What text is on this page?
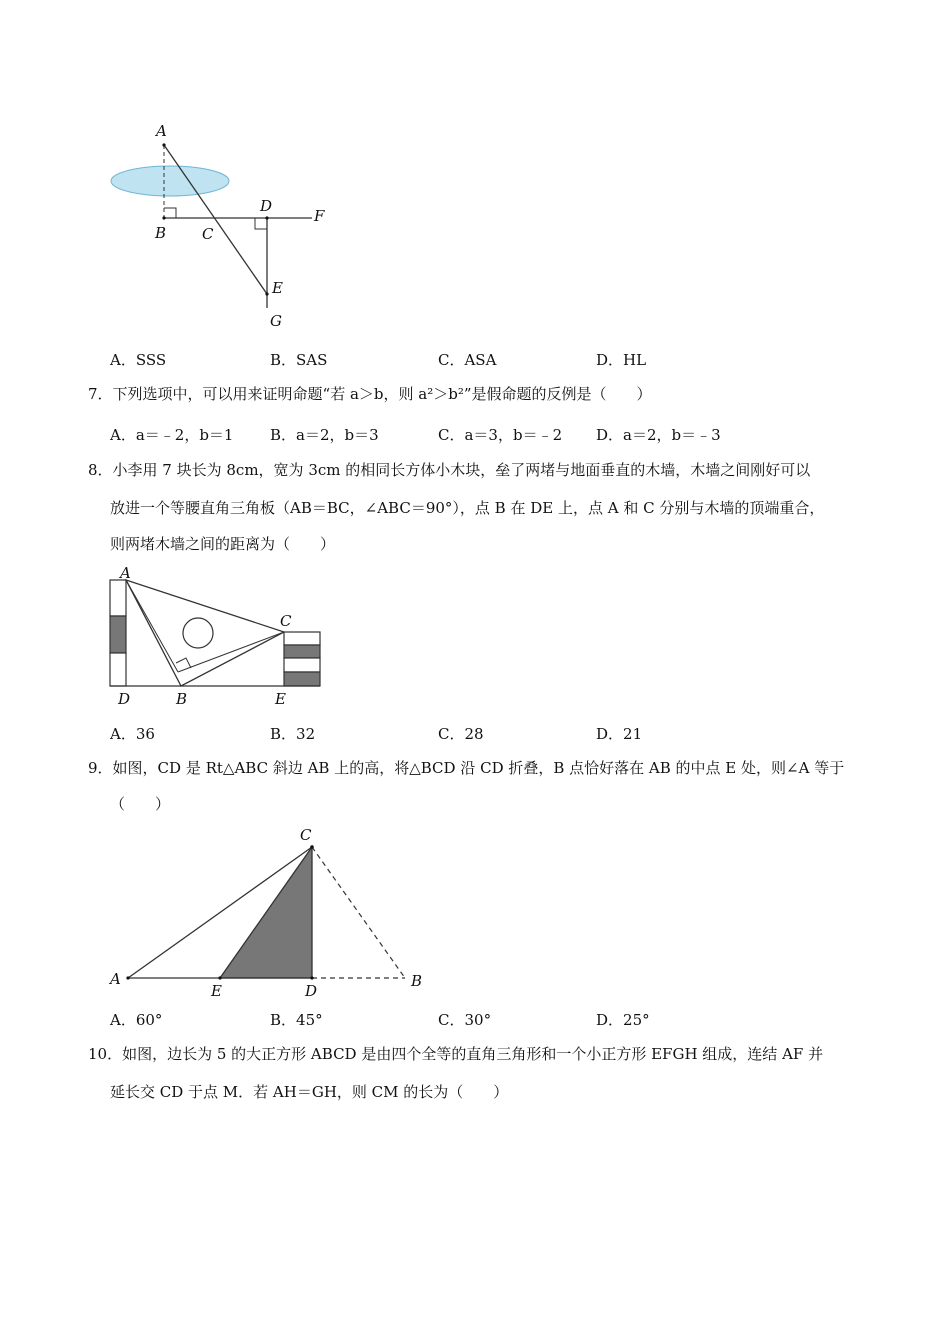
A
B C
D
F
E
G
A．SSS	B．SAS	C．ASA	D．HL
7．下列选项中，可以用来证明命题“若 a＞b，则 a²＞b²”是假命题的反例是（　　）
A．a＝﹣2，b＝1 B．a＝2，b＝3	C．a＝3，b＝﹣2 D．a＝2，b＝﹣3
8．小李用 7 块长为 8cm，宽为 3cm 的相同长方体小木块，垒了两堵与地面垂直的木墙，木墙之间刚好可以
放进一个等腰直角三角板（AB＝BC，∠ABC＝90°），点 B 在 DE 上，点 A 和 C 分别与木墙的顶端重合，
则两堵木墙之间的距离为（　　）
A
C
D	B	E
A．36	B．32	C．28	D．21
9．如图，CD 是 Rt△ABC 斜边 AB 上的高，将△BCD 沿 CD 折叠，B 点恰好落在 AB 的中点 E 处，则∠A 等于
（　　）
C
A
E	D
B
A．60°	B．45°	C．30°	D．25°
10．如图，边长为 5 的大正方形 ABCD 是由四个全等的直角三角形和一个小正方形 EFGH 组成，连结 AF 并
延长交 CD 于点 M．若 AH＝GH，则 CM 的长为（　　）
